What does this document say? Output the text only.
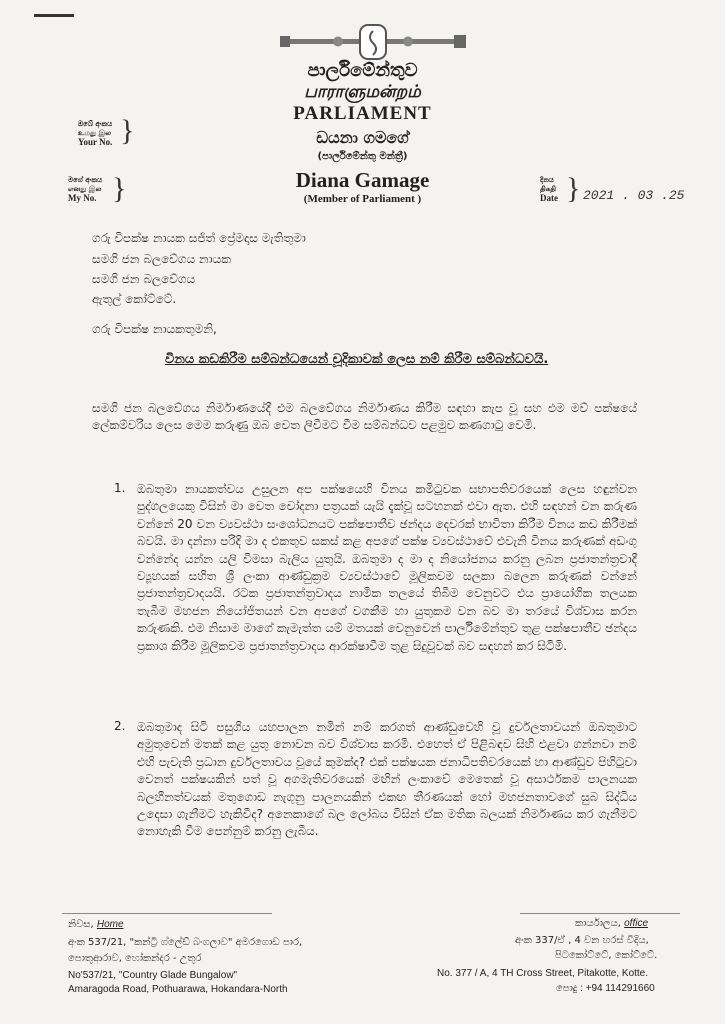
පාර්ලිමේන්තුව
பாராளுமன்றம்
PARLIAMENT
ඩයනා ගමගේ
(පාර්ලිමේන්තු මන්ත්‍රී)
Diana Gamage
(Member of Parliament )
ඔබේ අංකය
உமது இல
Your No. }
මගේ අංකය
எனது இல
My No. }	දිනය
திகதி
Date } 2021 . 03 .25
ගරු විපක්ෂ නායක සජිත් ප්‍රේමදාස මැතිතුමා
සමගි ජන බලවේගය නායක
සමගි ජන බලවේගය
ඇතුල් කෝට්ටේ.
ගරු විපක්ෂ නායකතුමනි,
විනය කඩකිරීම සම්බන්ධයෙන් චූදිකාවක් ලෙස නම් කිරීම සම්බන්ධවයි.
සමගි ජන බලවේගය නිර්මාණයේදී එම බලවේගය නිර්මාණය කිරීම සඳහා කැප වූ සහ එම මව් පක්ෂයේ ලේකම්වරිය ලෙස මෙම කරුණු ඔබ වෙත ලිවීමට වීම සම්බන්ධව පළමුව කණගාටු වෙමි.
1. ඔබතුමා නායකත්වය උසුලන අප පක්ෂයෙහි විනය කමිටුවක සභාපතිවරයෙක් ලෙස හඳුන්වන පුද්ගලයෙකු විසින් මා වෙත චෝදනා පත්‍රයක් යැයි දැක්වූ සටහනක් එවා ඇත. එහි සඳහන් වන කරුණ වන්නේ 20 වන ව්‍යවස්ථා සංශෝධනයට පක්ෂපාතීව ඡන්දය දෙවරක් භාවිතා කිරීම විනය කඩ කිරීමක් බවයි. මා දන්නා පරිදි මා ද එකතුව සකස් කළ අපගේ පක්ෂ ව්‍යවස්ථාවේ එවැනි විනය කරුණක් අඩංගු වන්නේද යන්න යලි විමසා බැලිය යුතුයි. ඔබතුමා ද මා ද නියෝජනය කරනු ලබන ප්‍රජාතන්ත්‍රවාදී ව්‍යූහයක් සහිත ශ්‍රී ලංකා ආණ්ඩුක්‍රම ව්‍යවස්ථාවේ මූලිකවම සලකා බලෙන කරුණක් වන්නේ ප්‍රජාතන්ත්‍රවාදයයි. රටක ප්‍රජාතන්ත්‍රවාදය නාමික තලයේ තිබීම වෙනුවට එය ප්‍රායෝගික තලයක තැබීම මහජන නියෝජිතයන් වන අපගේ වගකීම හා යුතුකම වන බව මා තරයේ විශ්වාස කරන කරුණකි. එම නිසාම මාගේ කැමැත්ත යම් මතයක් වෙනුවෙන් පාර්ලිමේන්තුව තුළ පක්ෂපාතීව ඡන්දය ප්‍රකාශ කිරීම මූලිකවම ප්‍රජාතන්ත්‍රවාදය ආරක්ෂාවීම තුළ සිදුවූවක් බව සඳහන් කර සිටිමි.
2. ඔබතුමාද සිටි පසුගිය යහපාලන නමින් නම් කරගත් ආණ්ඩුවෙහි වූ දුර්වලතාවයන් ඔබතුමාට අමුතුවෙන් මතක් කළ යුතු නොවන බව විශ්වාස කරමි. එහෙත් ඒ පිළිබඳව සිහි එළවා ගන්නවා නම් එහි පැවැති ප්‍රධාන දුර්වලතාවය වූයේ කුමක්ද? එක් පක්ෂයක ජනාධිපතිවරයෙක් හා ආණ්ඩුව පිහිටුවා වෙනත් පක්ෂයකින් පත් වූ අගමැතිවරයෙක් මඟින් ලංකාවේ මෙතෙක් වූ අසාර්ථකම පාලනයක බලහීනත්වයක් මතුගොඩ නැගුනු පාලනයකින් එකඟ තීරණයක් හෝ මහජනතාවගේ සුබ සිද්ධිය උදෙසා ගැනීමට හැකිවීද? අනෙකාගේ බල ලෝබය විසින් ඒක මතික බලයක් නිර්මාණය කර ගැනීමට නොහැකි වීම පෙන්නුම් කරනු ලැබීය.
නිවස, Home
අංක 537/21, "කන්ට්‍රි ග්ලේඩ් බංගලාව" අමරගොඩ පාර,
පොතුආරාව, හෝකන්දර - උතුර
No'537/21, "Country Glade Bungalow"
Amaragoda Road, Pothuarawa, Hokandara-North
කාර්යාලය, office
අංක 337/ඒ , 4 වන හරස් වීදිය,
පිටකෝට්ටේ, කෝට්ටේ.
No. 377 / A, 4 TH Cross Street, Pitakotte, Kotte.
පොදු : +94 114291660
